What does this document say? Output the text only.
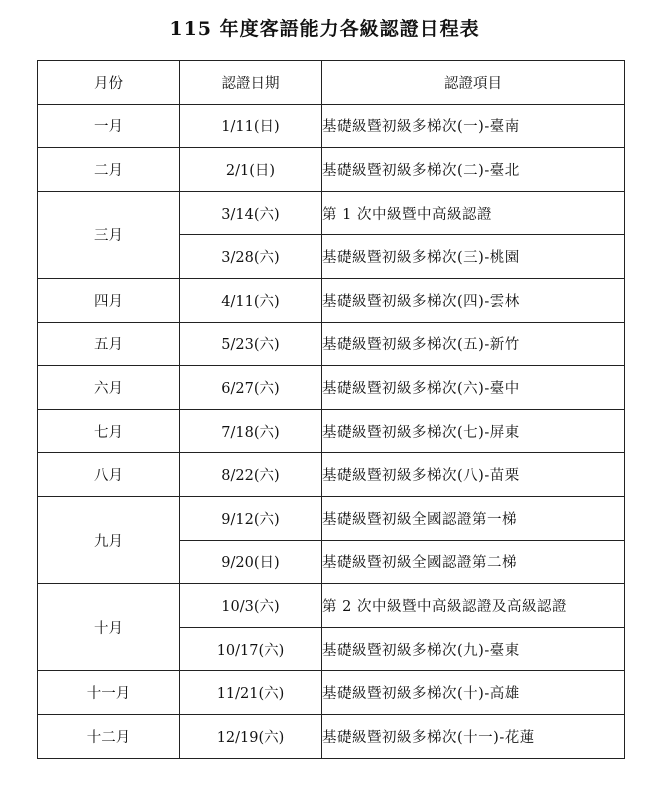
115 年度客語能力各級認證日程表
月份	認證日期	認證項目
一月	1/11(日)	基礎級暨初級多梯次(一)-臺南
二月	2/1(日)	基礎級暨初級多梯次(二)-臺北
三月	3/14(六)	第 1 次中級暨中高級認證
	3/28(六)	基礎級暨初級多梯次(三)-桃園
四月	4/11(六)	基礎級暨初級多梯次(四)-雲林
五月	5/23(六)	基礎級暨初級多梯次(五)-新竹
六月	6/27(六)	基礎級暨初級多梯次(六)-臺中
七月	7/18(六)	基礎級暨初級多梯次(七)-屏東
八月	8/22(六)	基礎級暨初級多梯次(八)-苗栗
九月	9/12(六)	基礎級暨初級全國認證第一梯
	9/20(日)	基礎級暨初級全國認證第二梯
十月	10/3(六)	第 2 次中級暨中高級認證及高級認證
	10/17(六)	基礎級暨初級多梯次(九)-臺東
十一月	11/21(六)	基礎級暨初級多梯次(十)-高雄
十二月	12/19(六)	基礎級暨初級多梯次(十一)-花蓮
